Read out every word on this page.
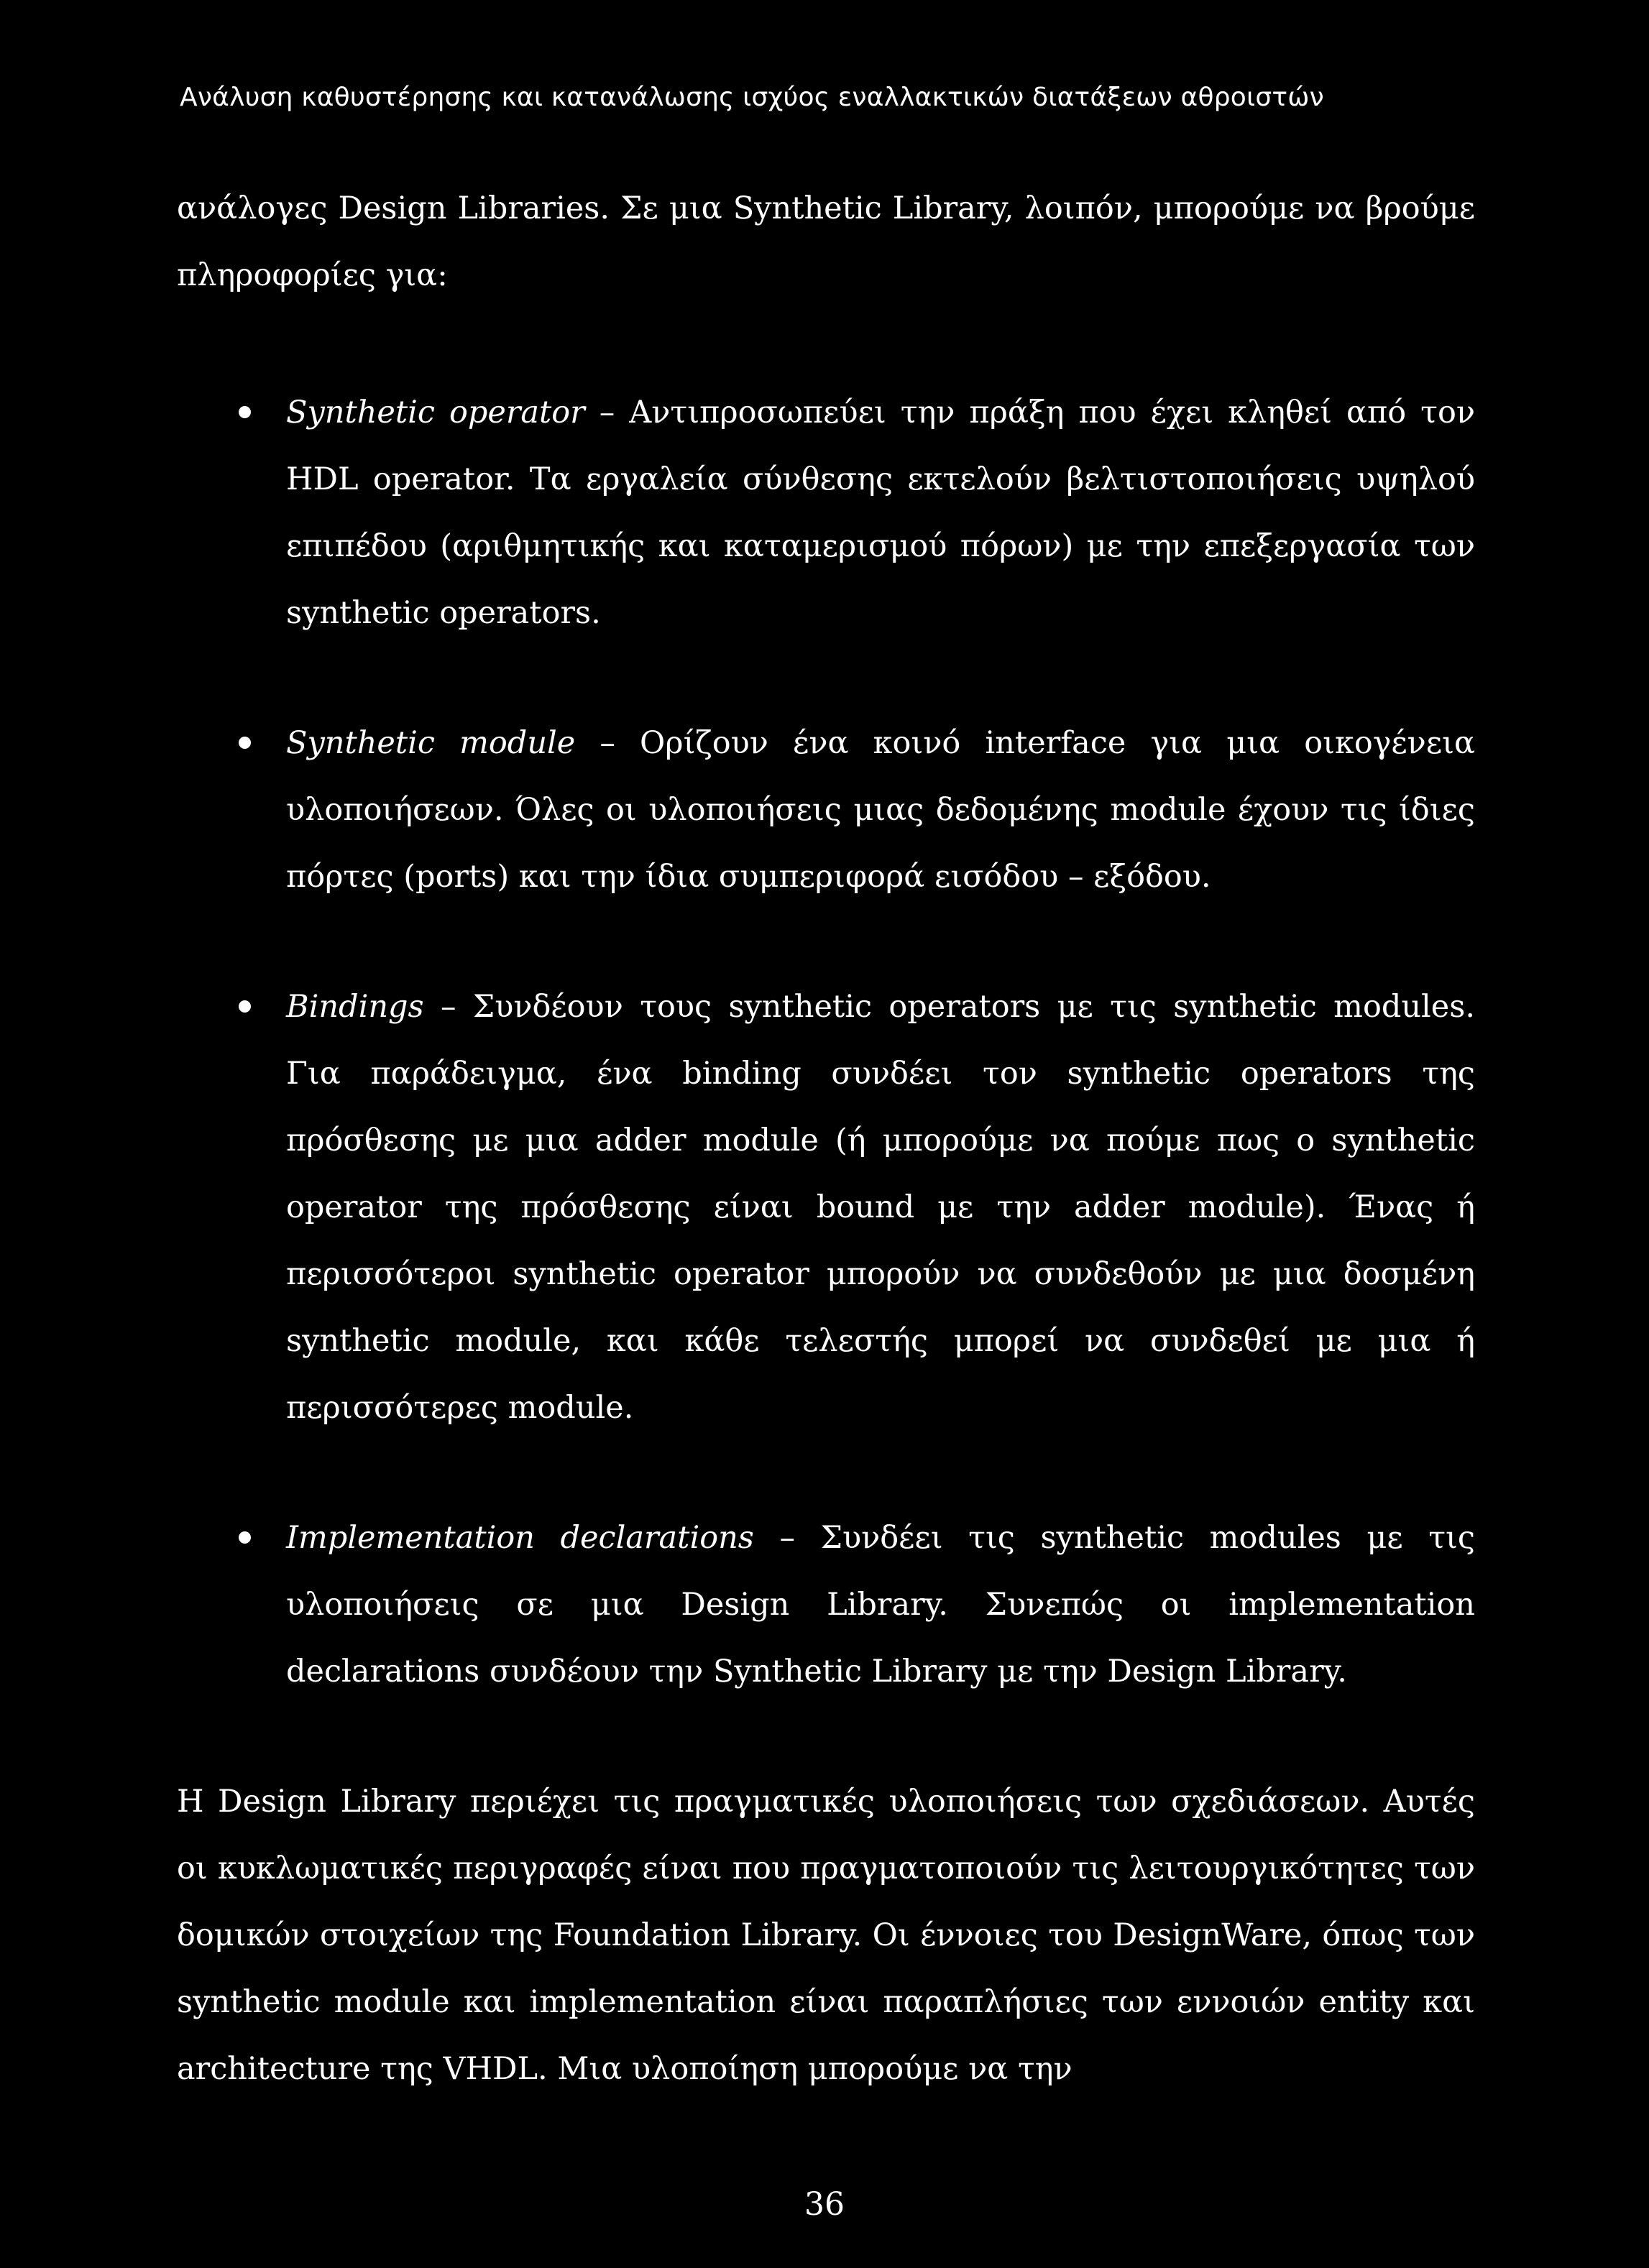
Ανάλυση καθυστέρησης και κατανάλωσης ισχύος εναλλακτικών διατάξεων αθροιστών

ανάλογες Design Libraries. Σε μια Synthetic Library, λοιπόν, μπορούμε να βρούμε πληροφορίες για:

Synthetic operator – Αντιπροσωπεύει την πράξη που έχει κληθεί από τον HDL operator. Τα εργαλεία σύνθεσης εκτελούν βελτιστοποιήσεις υψηλού επιπέδου (αριθμητικής και καταμερισμού πόρων) με την επεξεργασία των synthetic operators.
Synthetic module – Ορίζουν ένα κοινό interface για μια οικογένεια υλοποιήσεων. Όλες οι υλοποιήσεις μιας δεδομένης module έχουν τις ίδιες πόρτες (ports) και την ίδια συμπεριφορά εισόδου – εξόδου.
Bindings – Συνδέουν τους synthetic operators με τις synthetic modules. Για παράδειγμα, ένα binding συνδέει τον synthetic operators της πρόσθεσης με μια adder module (ή μπορούμε να πούμε πως ο synthetic operator της πρόσθεσης είναι bound με την adder module). Ένας ή περισσότεροι synthetic operator μπορούν να συνδεθούν με μια δοσμένη synthetic module, και κάθε τελεστής μπορεί να συνδεθεί με μια ή περισσότερες module.
Implementation declarations – Συνδέει τις synthetic modules με τις υλοποιήσεις σε μια Design Library. Συνεπώς οι implementation declarations συνδέουν την Synthetic Library με την Design Library.

Η Design Library περιέχει τις πραγματικές υλοποιήσεις των σχεδιάσεων. Αυτές οι κυκλωματικές περιγραφές είναι που πραγματοποιούν τις λειτουργικότητες των δομικών στοιχείων της Foundation Library. Οι έννοιες του DesignWare, όπως των synthetic module και implementation είναι παραπλήσιες των εννοιών entity και architecture της VHDL. Μια υλοποίηση μπορούμε να την

36
